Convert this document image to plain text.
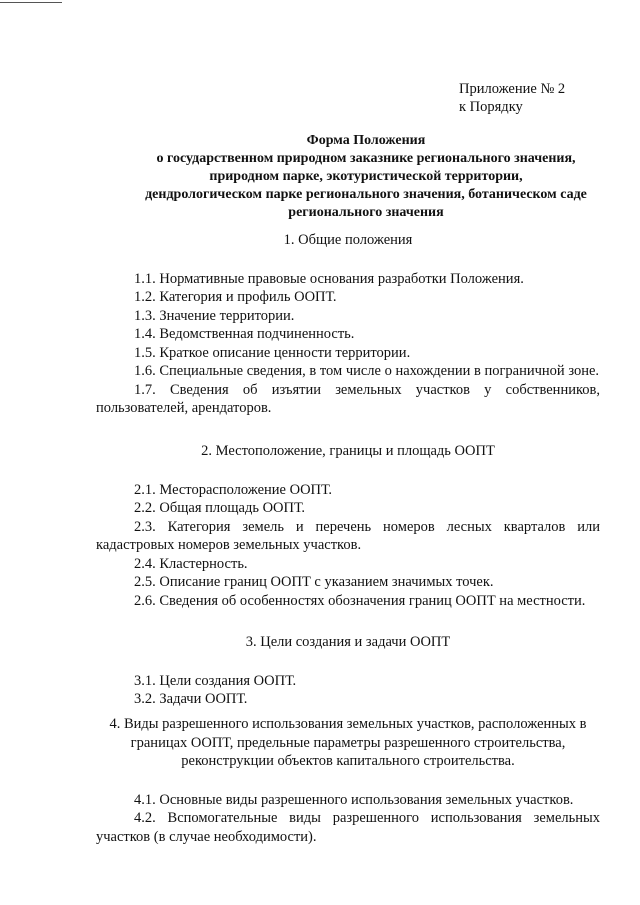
Приложение № 2
к Порядку
Форма Положения
о государственном природном заказнике регионального значения,
природном парке, экотуристической территории,
дендрологическом парке регионального значения, ботаническом саде
регионального значения

1. Общие положения

1.1. Нормативные правовые основания разработки Положения.

1.2. Категория и профиль ООПТ.

1.3. Значение территории.

1.4. Ведомственная подчиненность.

1.5. Краткое описание ценности территории.

1.6. Специальные сведения, в том числе о нахождении в пограничной зоне.

1.7. Сведения об изъятии земельных участков у собственников, пользователей, арендаторов.

2. Местоположение, границы и площадь ООПТ

2.1. Месторасположение ООПТ.

2.2. Общая площадь ООПТ.

2.3. Категория земель и перечень номеров лесных кварталов или кадастровых номеров земельных участков.

2.4. Кластерность.

2.5. Описание границ ООПТ с указанием значимых точек.

2.6. Сведения об особенностях обозначения границ ООПТ на местности.

3. Цели создания и задачи ООПТ

3.1. Цели создания ООПТ.

3.2. Задачи ООПТ.

4. Виды разрешенного использования земельных участков, расположенных в границах ООПТ, предельные параметры разрешенного строительства, реконструкции объектов капитального строительства.

4.1. Основные виды разрешенного использования земельных участков.

4.2. Вспомогательные виды разрешенного использования земельных участков (в случае необходимости).
